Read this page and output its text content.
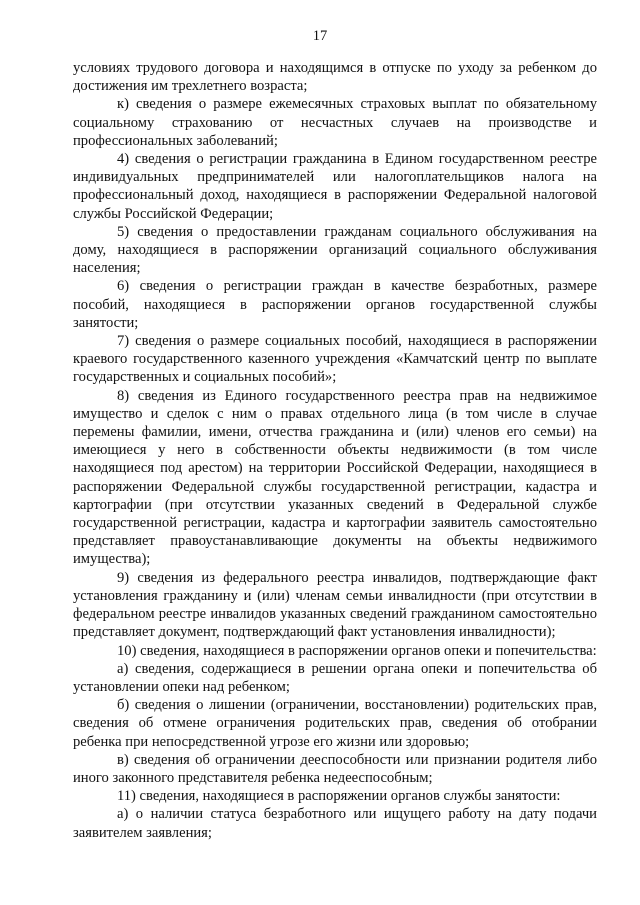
17

условиях трудового договора и находящимся в отпуске по уходу за ребенком до достижения им трехлетнего возраста;

к) сведения о размере ежемесячных страховых выплат по обязательному социальному страхованию от несчастных случаев на производстве и профессиональных заболеваний;

4) сведения о регистрации гражданина в Едином государственном реестре индивидуальных предпринимателей или налогоплательщиков налога на профессиональный доход, находящиеся в распоряжении Федеральной налоговой службы Российской Федерации;

5) сведения о предоставлении гражданам социального обслуживания на дому, находящиеся в распоряжении организаций социального обслуживания населения;

6) сведения о регистрации граждан в качестве безработных, размере пособий, находящиеся в распоряжении органов государственной службы занятости;

7) сведения о размере социальных пособий, находящиеся в распоряжении краевого государственного казенного учреждения «Камчатский центр по выплате государственных и социальных пособий»;

8) сведения из Единого государственного реестра прав на недвижимое имущество и сделок с ним о правах отдельного лица (в том числе в случае перемены фамилии, имени, отчества гражданина и (или) членов его семьи) на имеющиеся у него в собственности объекты недвижимости (в том числе находящиеся под арестом) на территории Российской Федерации, находящиеся в распоряжении Федеральной службы государственной регистрации, кадастра и картографии (при отсутствии указанных сведений в Федеральной службе государственной регистрации, кадастра и картографии заявитель самостоятельно представляет правоустанавливающие документы на объекты недвижимого имущества);

9) сведения из федерального реестра инвалидов, подтверждающие факт установления гражданину и (или) членам семьи инвалидности (при отсутствии в федеральном реестре инвалидов указанных сведений гражданином самостоятельно представляет документ, подтверждающий факт установления инвалидности);

10) сведения, находящиеся в распоряжении органов опеки и попечительства:

а) сведения, содержащиеся в решении органа опеки и попечительства об установлении опеки над ребенком;

б) сведения о лишении (ограничении, восстановлении) родительских прав, сведения об отмене ограничения родительских прав, сведения об отобрании ребенка при непосредственной угрозе его жизни или здоровью;

в) сведения об ограничении дееспособности или признании родителя либо иного законного представителя ребенка недееспособным;

11) сведения, находящиеся в распоряжении органов службы занятости:

а) о наличии статуса безработного или ищущего работу на дату подачи заявителем заявления;
